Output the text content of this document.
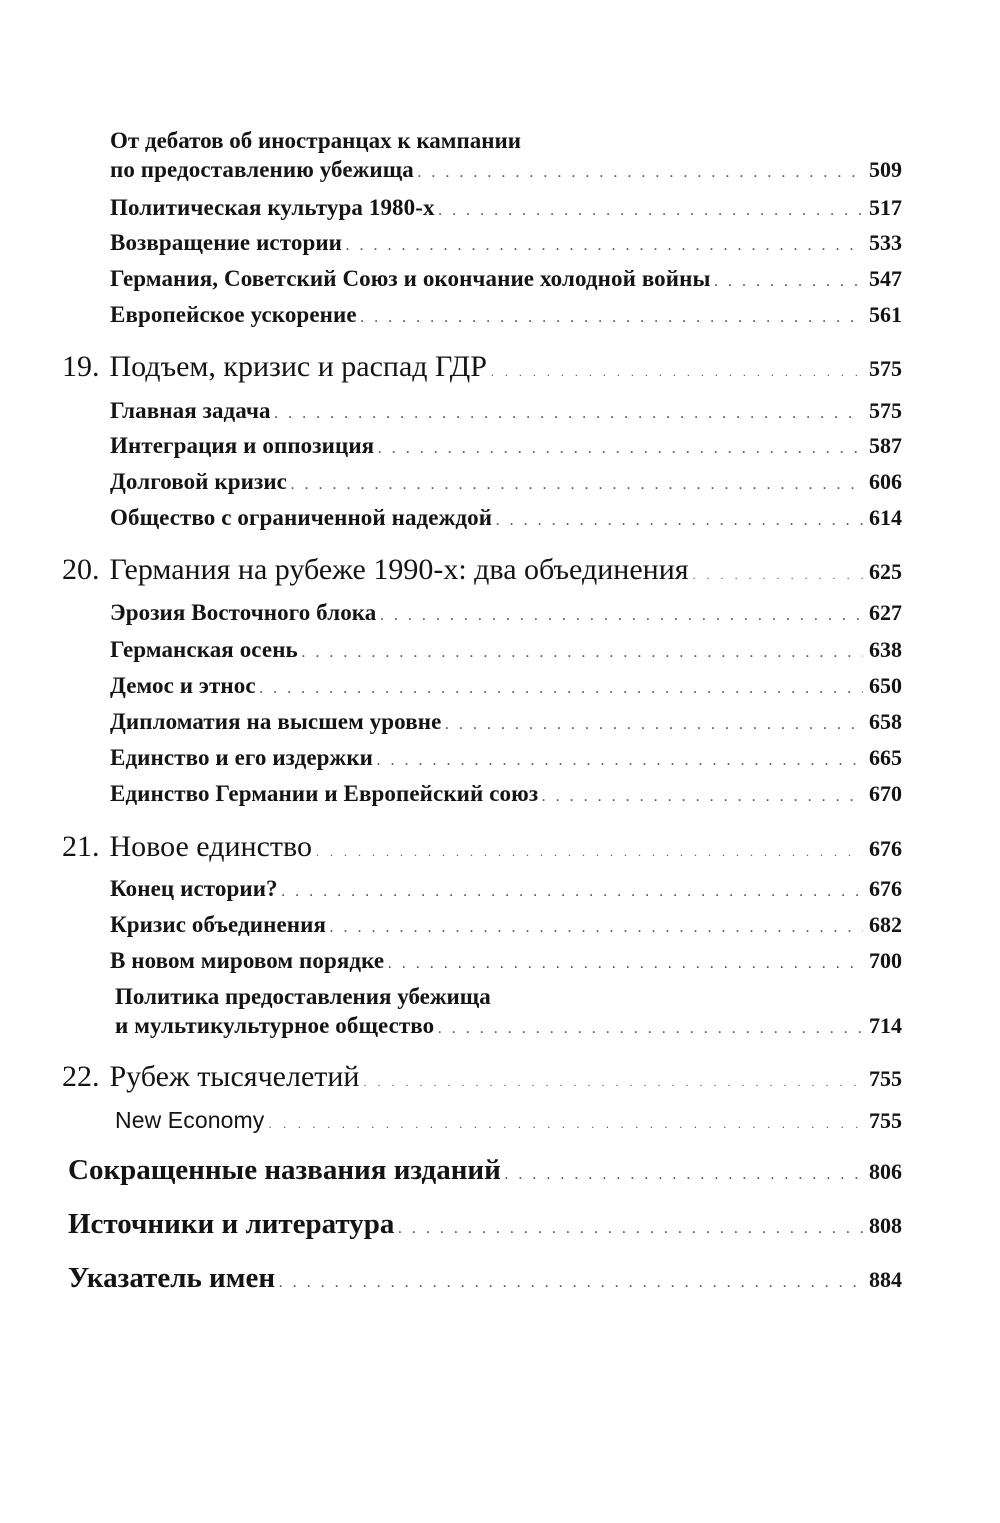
От дебатов об иностранцах к кампании
по предоставлению убежища . . .	509
Политическая культура 1980-х . . .	517
Возвращение истории . . .	533
Германия, Советский Союз и окончание холодной войны . . .	547
Европейское ускорение . . .	561
19. Подъем, кризис и распад ГДР . . .	575
Главная задача . . .	575
Интеграция и оппозиция . . .	587
Долговой кризис . . .	606
Общество с ограниченной надеждой . . .	614
20. Германия на рубеже 1990-х: два объединения . . .	625
Эрозия Восточного блока . . .	627
Германская осень . . .	638
Демос и этнос . . .	650
Дипломатия на высшем уровне . . .	658
Единство и его издержки . . .	665
Единство Германии и Европейский союз . . .	670
21. Новое единство . . .	676
Конец истории? . . .	676
Кризис объединения . . .	682
В новом мировом порядке . . .	700
Политика предоставления убежища
и мультикультурное общество . . .	714
22. Рубеж тысячелетий . . .	755
New Economy . . .	755
Сокращенные названия изданий . . .	806
Источники и литература . . .	808
Указатель имен . . .	884
